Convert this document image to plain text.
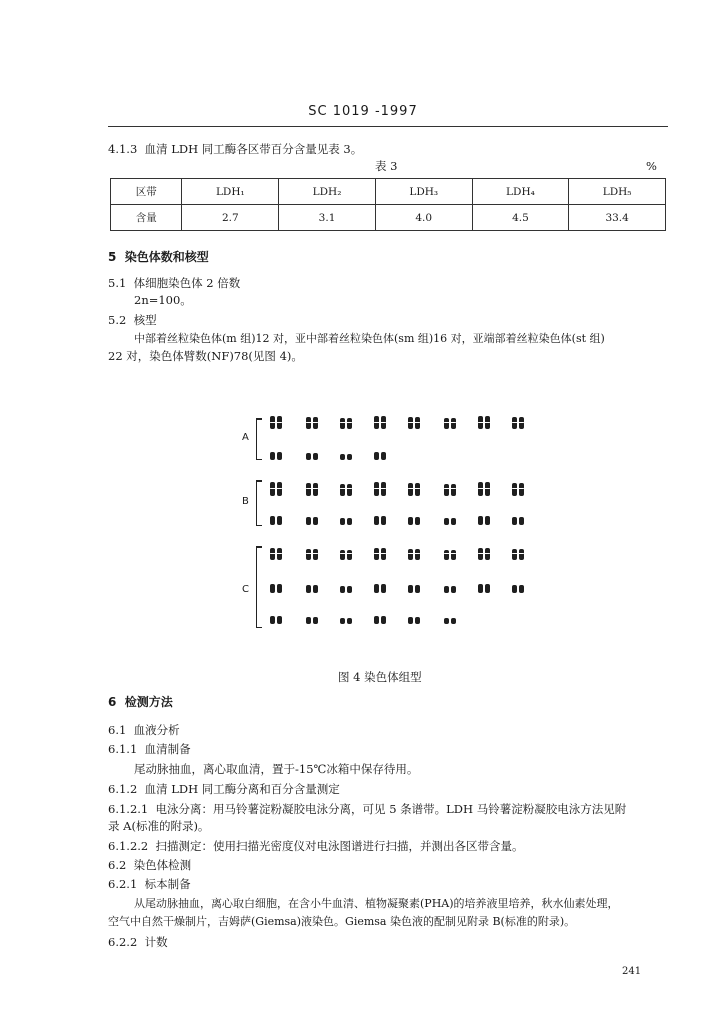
SC 1019 -1997
4.1.3 血清 LDH 同工酶各区带百分含量见表 3。
表 3	%
区带	LDH₁	LDH₂	LDH₃	LDH₄	LDH₅
含量	2.7	3.1	4.0	4.5	33.4
5 染色体数和核型
5.1 体细胞染色体 2 倍数
2n=100。
5.2 核型
中部着丝粒染色体(m 组)12 对，亚中部着丝粒染色体(sm 组)16 对，亚端部着丝粒染色体(st 组)
22 对，染色体臂数(NF)78(见图 4)。
A
B
C
图 4 染色体组型
6 检测方法
6.1 血液分析
6.1.1 血清制备
尾动脉抽血，离心取血清，置于-15℃冰箱中保存待用。
6.1.2 血清 LDH 同工酶分离和百分含量测定
6.1.2.1 电泳分离：用马铃薯淀粉凝胶电泳分离，可见 5 条谱带。LDH 马铃薯淀粉凝胶电泳方法见附
录 A(标准的附录)。
6.1.2.2 扫描测定：使用扫描光密度仪对电泳图谱进行扫描，并测出各区带含量。
6.2 染色体检测
6.2.1 标本制备
从尾动脉抽血，离心取白细胞，在含小牛血清、植物凝聚素(PHA)的培养液里培养，秋水仙素处理，
空气中自然干燥制片，吉姆萨(Giemsa)液染色。Giemsa 染色液的配制见附录 B(标准的附录)。
6.2.2 计数
241
